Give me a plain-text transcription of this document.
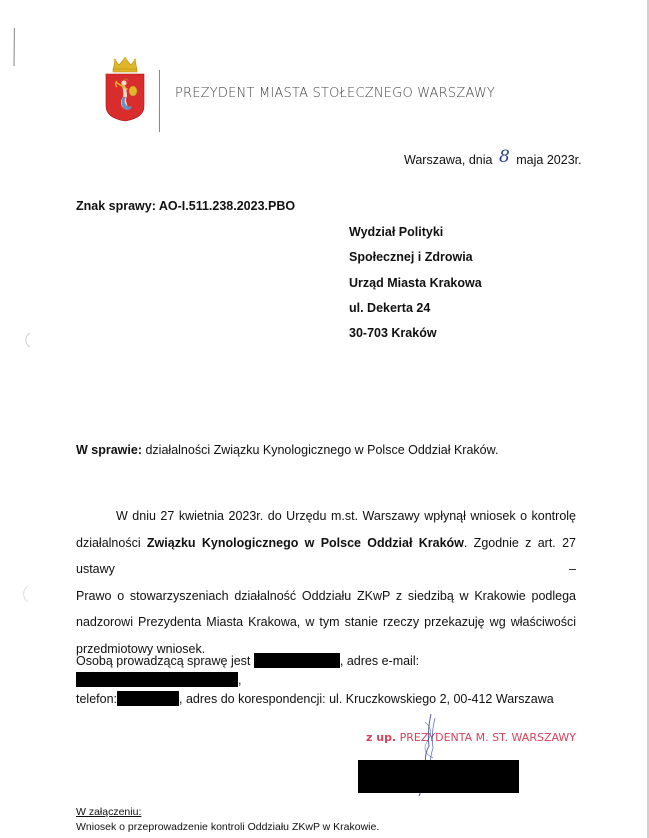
PREZYDENT MIASTA STOŁECZNEGO WARSZAWY
Warszawa, dnia 8 maja 2023r.
Znak sprawy: AO-I.511.238.2023.PBO
Wydział Polityki
Społecznej i Zdrowia
Urząd Miasta Krakowa
ul. Dekerta 24
30-703 Kraków
W sprawie: działalności Związku Kynologicznego w Polsce Oddział Kraków.
W dniu 27 kwietnia 2023r. do Urzędu m.st. Warszawy wpłynął wniosek o kontrolę
działalności Związku Kynologicznego w Polsce Oddział Kraków. Zgodnie z art. 27 ustawy –
Prawo o stowarzyszeniach działalność Oddziału ZKwP z siedzibą w Krakowie podlega
nadzorowi Prezydenta Miasta Krakowa, w tym stanie rzeczy przekazuję wg właściwości
przedmiotowy wniosek.
Osobą prowadzącą sprawę jest	, adres e-mail: ,
telefon:	, adres do korespondencji: ul. Kruczkowskiego 2, 00-412 Warszawa
z up. PREZYDENTA M. ST. WARSZAWY
W załączeniu:
Wniosek o przeprowadzenie kontroli Oddziału ZKwP w Krakowie.
